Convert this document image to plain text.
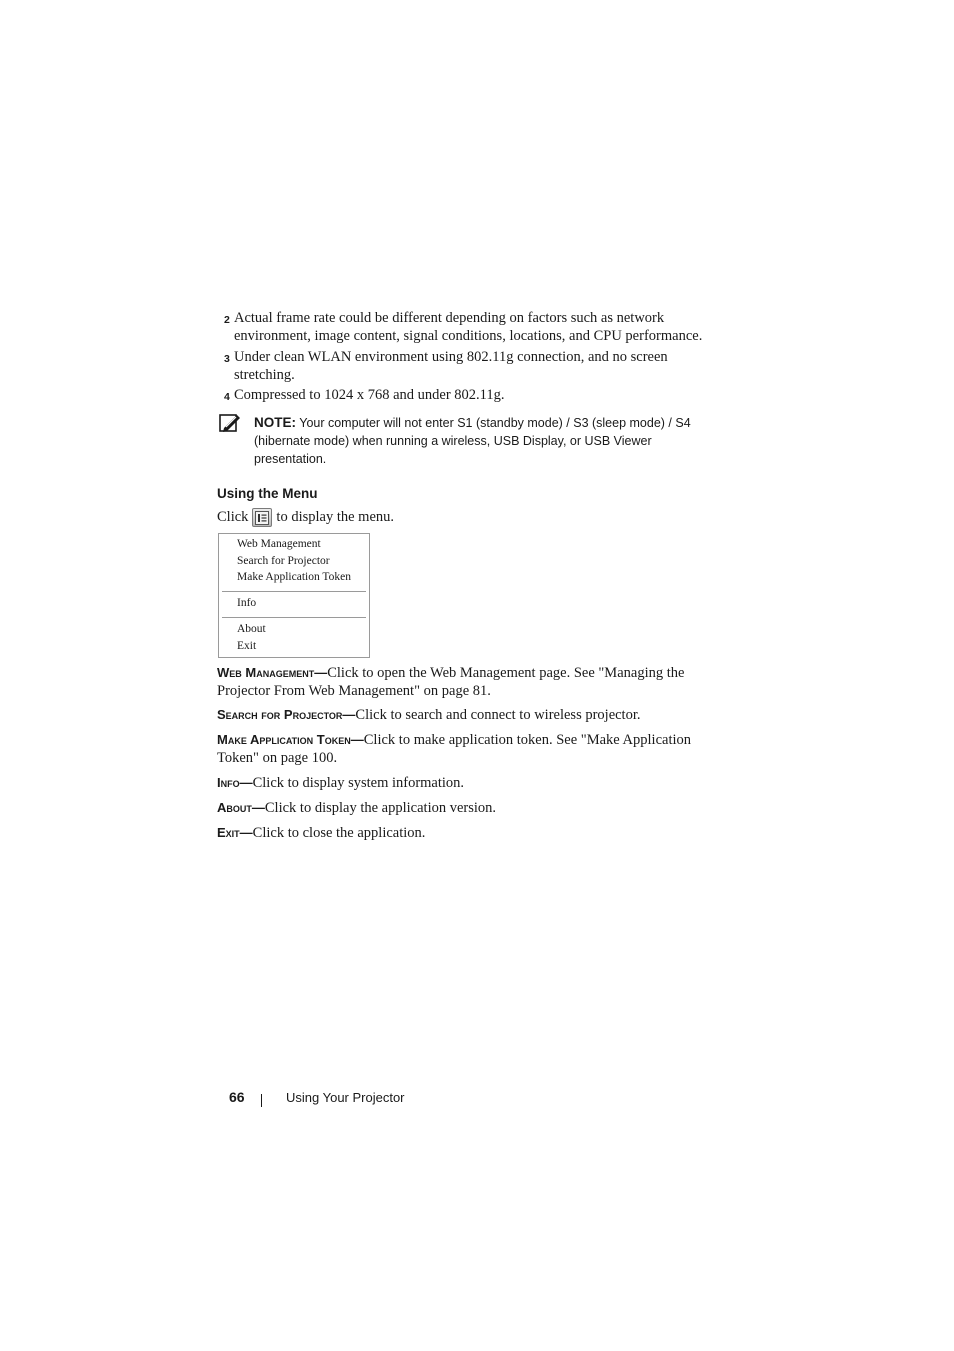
2 Actual frame rate could be different depending on factors such as network environment, image content, signal conditions, locations, and CPU performance.
3 Under clean WLAN environment using 802.11g connection, and no screen stretching.
4 Compressed to 1024 x 768 and under 802.11g.
NOTE: Your computer will not enter S1 (standby mode) / S3 (sleep mode) / S4 (hibernate mode) when running a wireless, USB Display, or USB Viewer presentation.
Using the Menu
Click to display the menu.
Web Management
Search for Projector
Make Application Token
Info
About
Exit
Web Management—Click to open the Web Management page. See "Managing the Projector From Web Management" on page 81.
Search for Projector—Click to search and connect to wireless projector.
Make Application Token—Click to make application token. See "Make Application Token" on page 100.
Info—Click to display system information.
About—Click to display the application version.
Exit—Click to close the application.
66	Using Your Projector
